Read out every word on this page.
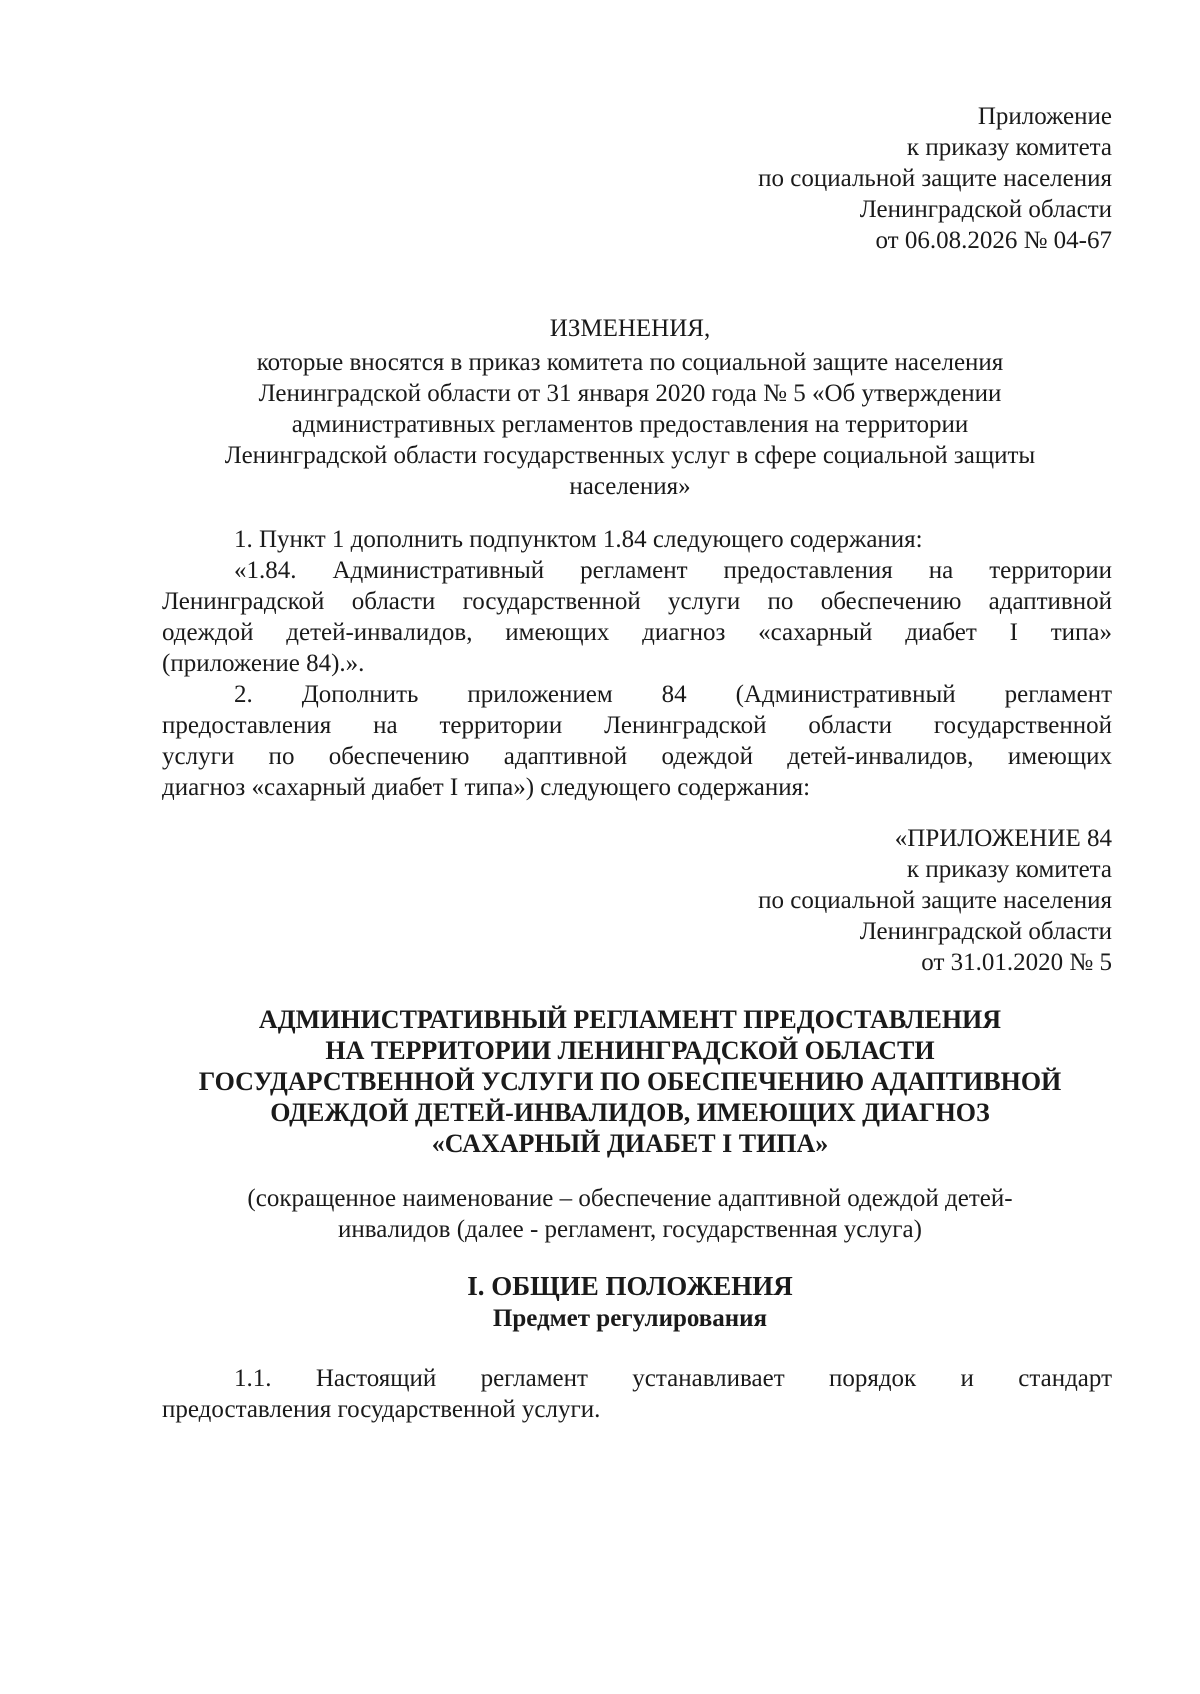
Приложение
к приказу комитета
по социальной защите населения
Ленинградской области
от 06.08.2026 № 04-67
ИЗМЕНЕНИЯ,
которые вносятся в приказ комитета по социальной защите населения
Ленинградской области от 31 января 2020 года № 5 «Об утверждении
административных регламентов предоставления на территории
Ленинградской области государственных услуг в сфере социальной защиты
населения»
1. Пункт 1 дополнить подпунктом 1.84 следующего содержания:
«1.84. Административный регламент предоставления на территории
Ленинградской области государственной услуги по обеспечению адаптивной
одеждой детей-инвалидов, имеющих диагноз «сахарный диабет I типа»
(приложение 84).».
2. Дополнить приложением 84 (Административный регламент
предоставления на территории Ленинградской области государственной
услуги по обеспечению адаптивной одеждой детей-инвалидов, имеющих
диагноз «сахарный диабет I типа») следующего содержания:
«ПРИЛОЖЕНИЕ 84
к приказу комитета
по социальной защите населения
Ленинградской области
от 31.01.2020 № 5
АДМИНИСТРАТИВНЫЙ РЕГЛАМЕНТ ПРЕДОСТАВЛЕНИЯ
НА ТЕРРИТОРИИ ЛЕНИНГРАДСКОЙ ОБЛАСТИ
ГОСУДАРСТВЕННОЙ УСЛУГИ ПО ОБЕСПЕЧЕНИЮ АДАПТИВНОЙ
ОДЕЖДОЙ ДЕТЕЙ-ИНВАЛИДОВ, ИМЕЮЩИХ ДИАГНОЗ
«САХАРНЫЙ ДИАБЕТ I ТИПА»
(сокращенное наименование – обеспечение адаптивной одеждой детей-
инвалидов (далее - регламент, государственная услуга)
I. ОБЩИЕ ПОЛОЖЕНИЯ
Предмет регулирования
1.1. Настоящий регламент устанавливает порядок и стандарт
предоставления государственной услуги.
